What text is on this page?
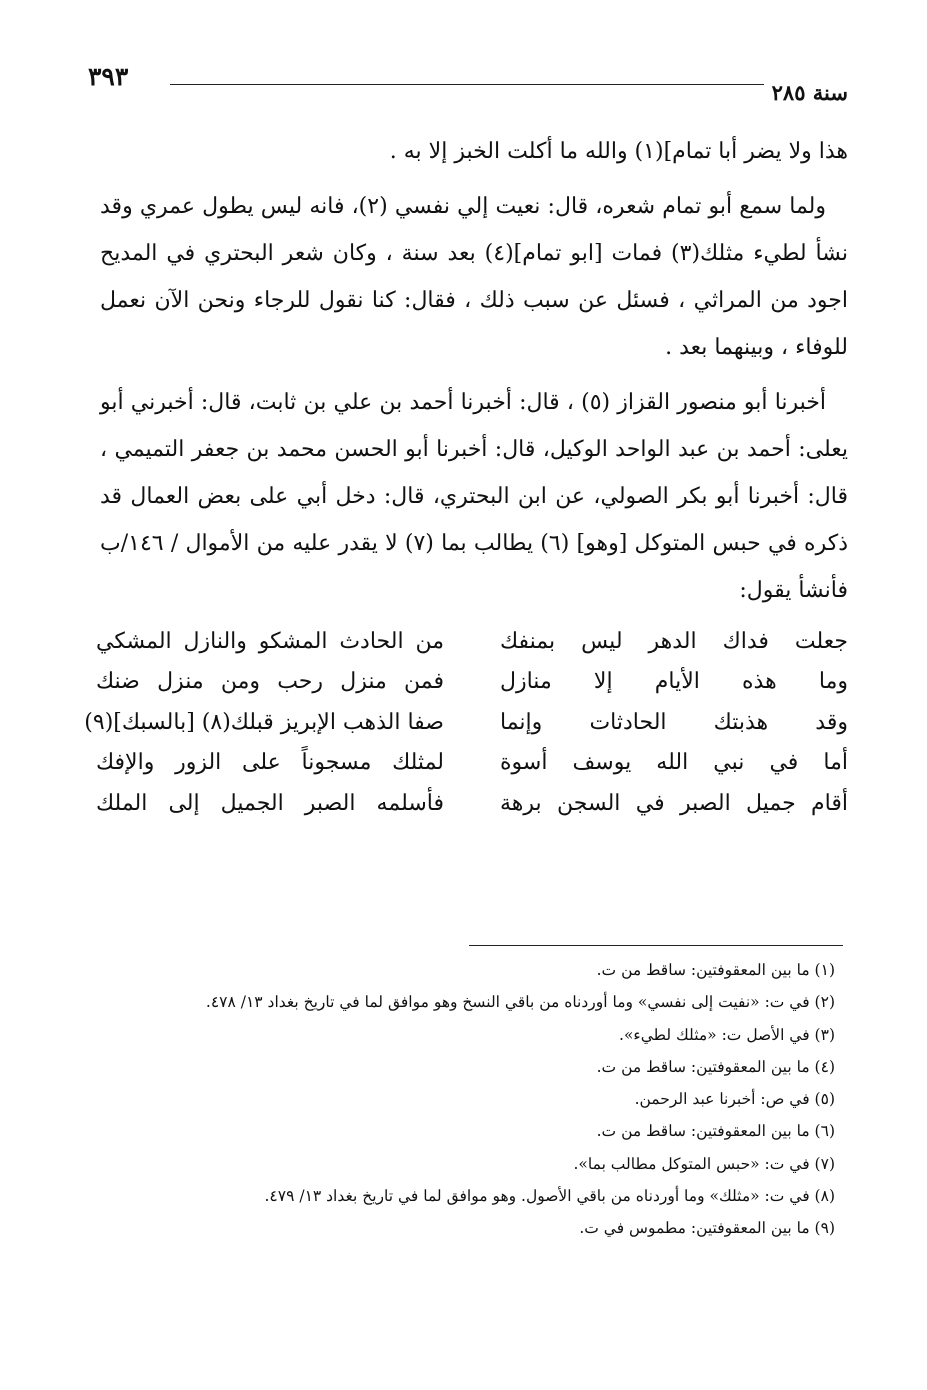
سنة ٢٨٥
٣٩٣

هذا ولا يضر أبا تمام](١) والله ما أكلت الخبز إلا به .

ولما سمع أبو تمام شعره، قال: نعيت إلي نفسي (٢)، فانه ليس يطول عمري وقد نشأ لطيء مثلك(٣) فمات [ابو تمام](٤) بعد سنة ، وكان شعر البحتري في المديح اجود من المراثي ، فسئل عن سبب ذلك ، فقال: كنا نقول للرجاء ونحن الآن نعمل للوفاء ، وبينهما بعد .

أخبرنا أبو منصور القزاز (٥) ، قال: أخبرنا أحمد بن علي بن ثابت، قال: أخبرني أبو يعلى: أحمد بن عبد الواحد الوكيل، قال: أخبرنا أبو الحسن محمد بن جعفر التميمي ، قال: أخبرنا أبو بكر الصولي، عن ابن البحتري، قال: دخل أبي على بعض العمال قد ذكره في حبس المتوكل [وهو] (٦) يطالب بما (٧) لا يقدر عليه من الأموال / ١٤٦/ب فأنشأ يقول:

جعلت فداك الدهر ليس بمنفك
من الحادث المشكو والنازل المشكي
وما هذه الأيام إلا منازل
فمن منزل رحب ومن منزل ضنك
وقد هذبتك الحادثات وإنما
صفا الذهب الإبريز قبلك(٨) [بالسبك](٩)
أما في نبي الله يوسف أسوة
لمثلك مسجوناً على الزور والإفك
أقام جميل الصبر في السجن برهة
فأسلمه الصبر الجميل إلى الملك
(١) ما بين المعقوفتين: ساقط من ت.
(٢) في ت: «نفيت إلى نفسي» وما أوردناه من باقي النسخ وهو موافق لما في تاريخ بغداد ١٣/ ٤٧٨.
(٣) في الأصل ت: «مثلك لطيء».
(٤) ما بين المعقوفتين: ساقط من ت.
(٥) في ص: أخبرنا عبد الرحمن.
(٦) ما بين المعقوفتين: ساقط من ت.
(٧) في ت: «حبس المتوكل مطالب بما».
(٨) في ت: «مثلك» وما أوردناه من باقي الأصول. وهو موافق لما في تاريخ بغداد ١٣/ ٤٧٩.
(٩) ما بين المعقوفتين: مطموس في ت.
